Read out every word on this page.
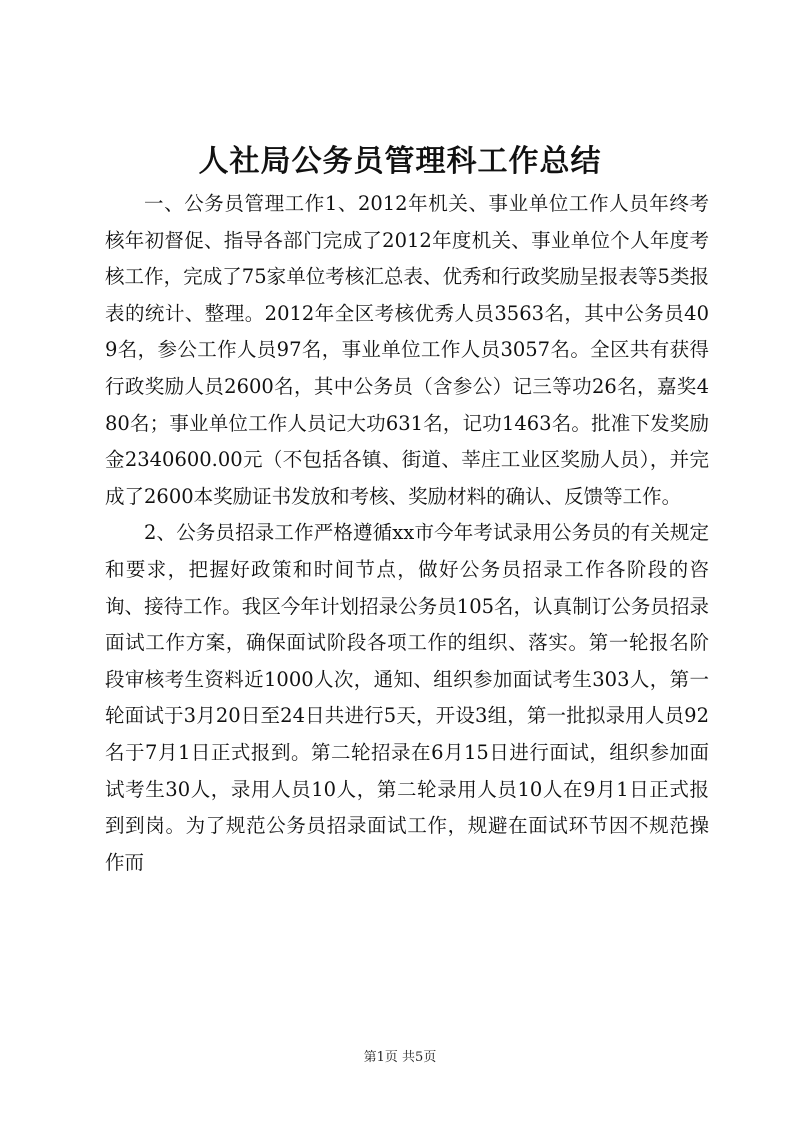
人社局公务员管理科工作总结

一、公务员管理工作1、2012年机关、事业单位工作人员年终考核年初督促、指导各部门完成了2012年度机关、事业单位个人年度考核工作，完成了75家单位考核汇总表、优秀和行政奖励呈报表等5类报表的统计、整理。2012年全区考核优秀人员3563名，其中公务员409名，参公工作人员97名，事业单位工作人员3057名。全区共有获得行政奖励人员2600名，其中公务员（含参公）记三等功26名，嘉奖480名；事业单位工作人员记大功631名，记功1463名。批准下发奖励金2340600.00元（不包括各镇、街道、莘庄工业区奖励人员），并完成了2600本奖励证书发放和考核、奖励材料的确认、反馈等工作。

2、公务员招录工作严格遵循xx市今年考试录用公务员的有关规定和要求，把握好政策和时间节点，做好公务员招录工作各阶段的咨询、接待工作。我区今年计划招录公务员105名，认真制订公务员招录面试工作方案，确保面试阶段各项工作的组织、落实。第一轮报名阶段审核考生资料近1000人次，通知、组织参加面试考生303人，第一轮面试于3月20日至24日共进行5天，开设3组，第一批拟录用人员92名于7月1日正式报到。第二轮招录在6月15日进行面试，组织参加面试考生30人，录用人员10人，第二轮录用人员10人在9月1日正式报到到岗。为了规范公务员招录面试工作，规避在面试环节因不规范操作而

第1页 共5页
